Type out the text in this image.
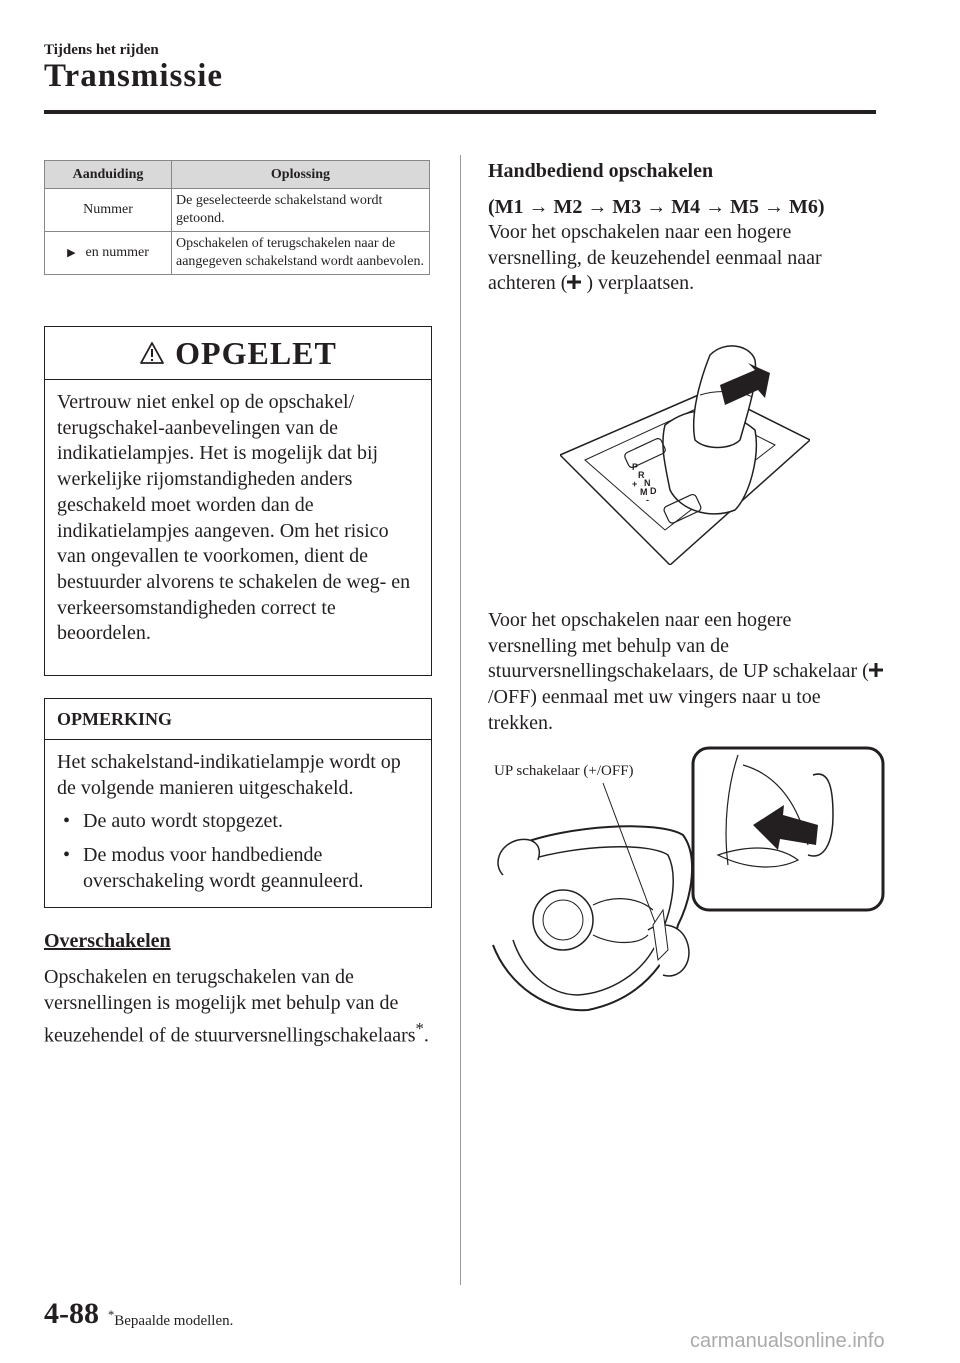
Tijdens het rijden
Transmissie
Aanduiding	Oplossing
Nummer	De geselecteerde schakelstand wordt getoond.
▶ en nummer	Opschakelen of terugschakelen naar de aangegeven schakelstand wordt aanbevolen.
OPGELET
Vertrouw niet enkel op de opschakel/ terugschakel-aanbevelingen van de indikatielampjes. Het is mogelijk dat bij werkelijke rijomstandigheden anders geschakeld moet worden dan de indikatielampjes aangeven. Om het risico van ongevallen te voorkomen, dient de bestuurder alvorens te schakelen de weg- en verkeersomstandigheden correct te beoordelen.
OPMERKING
Het schakelstand-indikatielampje wordt op de volgende manieren uitgeschakeld.
• De auto wordt stopgezet.
• De modus voor handbediende overschakeling wordt geannuleerd.
Overschakelen
Opschakelen en terugschakelen van de versnellingen is mogelijk met behulp van de keuzehendel of de stuurversnellingschakelaars*.
Handbediend opschakelen
(M1 → M2 → M3 → M4 → M5 → M6)
Voor het opschakelen naar een hogere versnelling, de keuzehendel eenmaal naar achteren ( ) verplaatsen.
P
R
N
D
M
+
-
Voor het opschakelen naar een hogere versnelling met behulp van de stuurversnellingschakelaars, de UP schakelaar ( /OFF) eenmaal met uw vingers naar u toe trekken.
UP schakelaar (+/OFF)
4-88 *Bepaalde modellen.
carmanualsonline.info
